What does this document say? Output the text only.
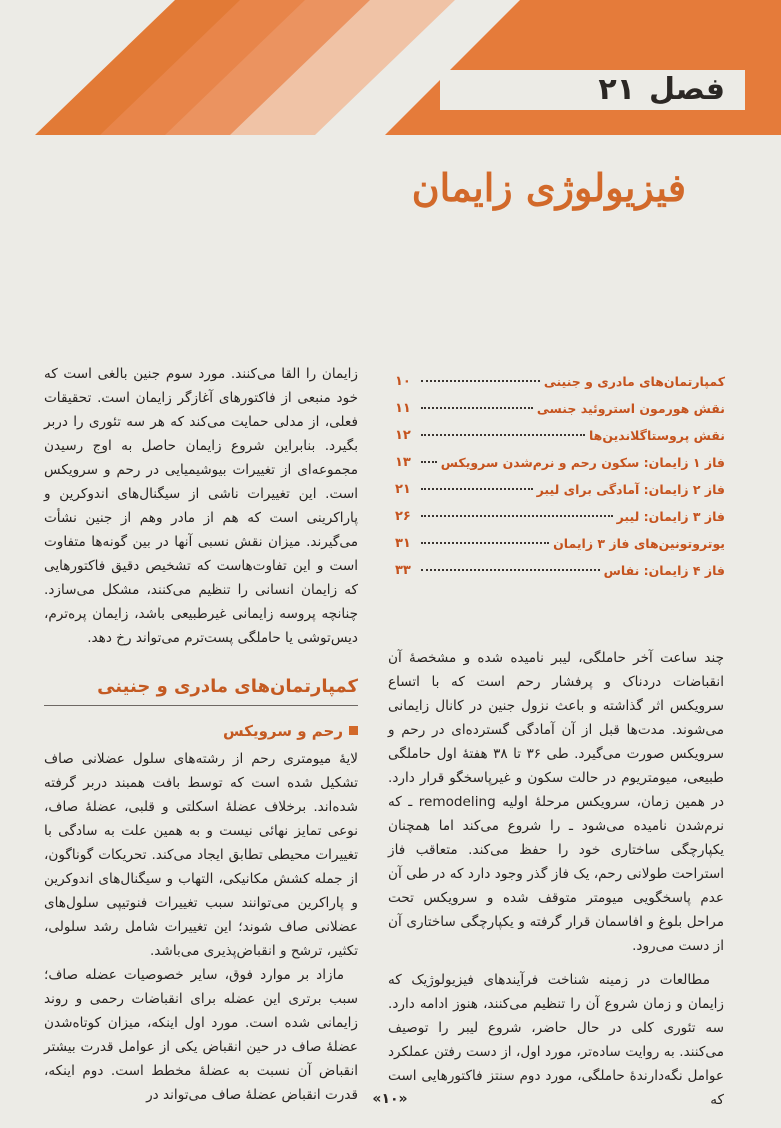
فصل۲۱
فیزیولوژی زایمان
کمپارتمان‌های مادری و جنینی
۱۰
نقش هورمون استروئید جنسی
۱۱
نقش پروستاگلاندین‌ها
۱۲
فاز ۱ زایمان: سکون رحم و نرم‌شدن سرویکس
۱۳
فاز ۲ زایمان: آمادگی برای لیبر
۲۱
فاز ۳ زایمان: لیبر
۲۶
یوتروتونین‌های فاز ۳ زایمان
۳۱
فاز ۴ زایمان: نفاس
۳۳

زایمان را القا می‌کنند. مورد سوم جنین بالغی است که خود منبعی از فاکتورهای آغازگر زایمان است. تحقیقات فعلی، از مدلی حمایت می‌کند که هر سه تئوری را دربر بگیرد. بنابراین شروع زایمان حاصل به اوج رسیدن مجموعه‌ای از تغییرات بیوشیمیایی در رحم و سرویکس است. این تغییرات ناشی از سیگنال‌های اندوکرین و پاراکرینی است که هم از مادر وهم از جنین نشأت می‌گیرند. میزان نقش نسبی آنها در بین گونه‌ها متفاوت است و این تفاوت‌هاست که تشخیص دقیق فاکتورهایی که زایمان انسانی را تنظیم می‌کنند، مشکل می‌سازد. چنانچه پروسه زایمانی غیرطبیعی باشد، زایمان پره‌ترم، دیس‌توشی یا حاملگی پست‌ترم می‌تواند رخ دهد.

کمپارتمان‌های مادری و جنینی
رحم و سرویکس

لایهٔ میومتری رحم از رشته‌های سلول عضلانی صاف تشکیل شده است که توسط بافت همبند دربر گرفته شده‌اند. برخلاف عضلهٔ اسکلتی و قلبی، عضلهٔ صاف، نوعی تمایز نهائی نیست و به همین علت به سادگی با تغییرات محیطی تطابق ایجاد می‌کند. تحریکات گوناگون، از جمله کشش مکانیکی، التهاب و سیگنال‌های اندوکرین و پاراکرین می‌توانند سبب تغییرات فنوتیپی سلول‌های عضلانی صاف شوند؛ این تغییرات شامل رشد سلولی، تکثیر، ترشح و انقباض‌پذیری می‌باشد.

مازاد بر موارد فوق، سایر خصوصیات عضله صاف؛ سبب برتری این عضله برای انقباضات رحمی و روند زایمانی شده است. مورد اول اینکه، میزان کوتاه‌شدن عضلهٔ صاف در حین انقباض یکی از عوامل قدرت بیشتر انقباض آن نسبت به عضلهٔ مخطط است. دوم اینکه، قدرت انقباض عضلهٔ صاف می‌تواند در

چند ساعت آخر حاملگی، لیبر نامیده شده و مشخصهٔ آن انقباضات دردناک و پرفشار رحم است که با اتساع سرویکس اثر گذاشته و باعث نزول جنین در کانال زایمانی می‌شوند. مدت‌ها قبل از آن آمادگی گسترده‌ای در رحم و سرویکس صورت می‌گیرد. طی ۳۶ تا ۳۸ هفتهٔ اول حاملگی طبیعی، میومتریوم در حالت سکون و غیرپاسخگو قرار دارد. در همین زمان، سرویکس مرحلهٔ اولیه remodeling ـ که نرم‌شدن نامیده می‌شود ـ را شروع می‌کند اما همچنان یکپارچگی ساختاری خود را حفظ می‌کند. متعاقب فاز استراحت طولانی رحم، یک فاز گذر وجود دارد که در طی آن عدم پاسخگویی میومتر متوقف شده و سرویکس تحت مراحل بلوغ و افاسمان قرار گرفته و یکپارچگی ساختاری آن از دست می‌رود.

مطالعات در زمینه شناخت فرآیندهای فیزیولوژیک که زایمان و زمان شروع آن را تنظیم می‌کنند، هنوز ادامه دارد. سه تئوری کلی در حال حاضر، شروع لیبر را توصیف می‌کنند. به روایت ساده‌تر، مورد اول، از دست رفتن عملکرد عوامل نگه‌دارندهٔ حاملگی، مورد دوم سنتز فاکتورهایی است که

«۱۰»
